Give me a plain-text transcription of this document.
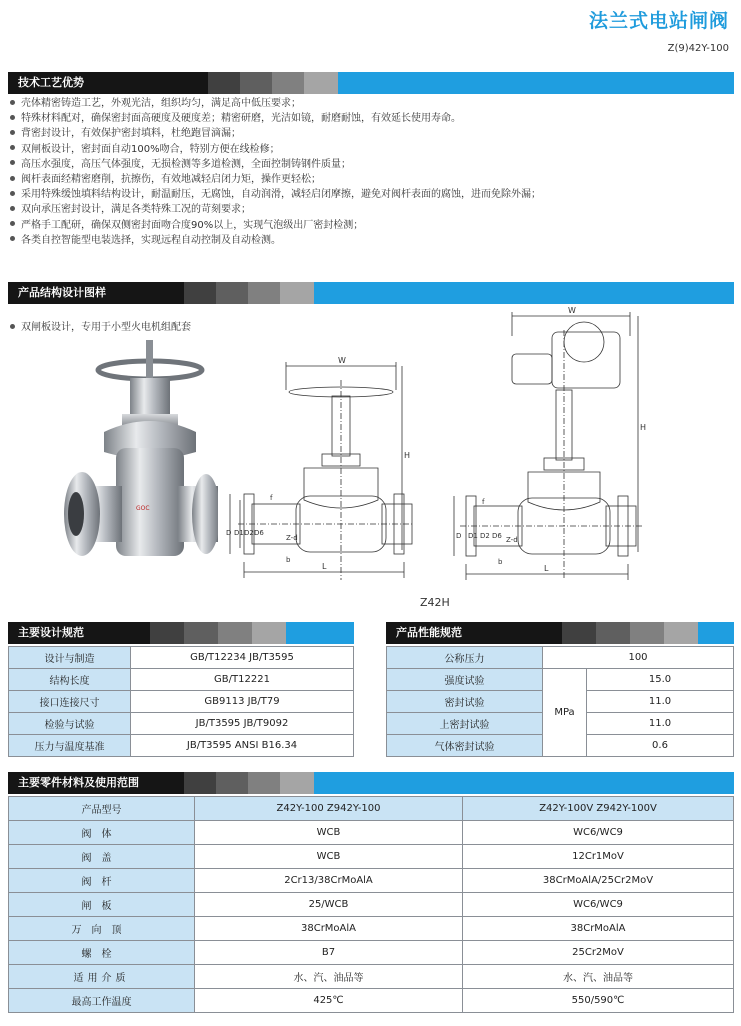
法兰式电站闸阀
Z(9)42Y-100
技术工艺优势
壳体精密铸造工艺，外观光洁，组织均匀，满足高中低压要求；
特殊材料配对，确保密封面高硬度及硬度差；精密研磨，光洁如镜，耐磨耐蚀，有效延长使用寿命。
背密封设计，有效保护密封填料，杜绝跑冒滴漏；
双闸板设计，密封面自动100%吻合，特别方便在线检修；
高压水强度，高压气体强度，无损检测等多道检测，全面控制铸钢件质量；
阀杆表面经精密磨削，抗擦伤，有效地减轻启闭力矩，操作更轻松；
采用特殊缓蚀填料结构设计，耐温耐压，无腐蚀，自动润滑，减轻启闭摩擦，避免对阀杆表面的腐蚀，进而免除外漏；
双向承压密封设计，满足各类特殊工况的苛刻要求；
严格手工配研，确保双侧密封面吻合度90%以上，实现气泡级出厂密封检测；
各类自控智能型电装选择，实现远程自动控制及自动检测。
产品结构设计图样
双闸板设计，专用于小型火电机组配套
GOC
W
H
L
D D1 D2 D6
Z-d
f
b
W
H
L
D D1 D2 D6 Z-d
f
b
Z42H
主要设计规范	产品性能规范
设计与制造	GB/T12234 JB/T3595
结构长度	GB/T12221
接口连接尺寸	GB9113 JB/T79
检验与试验	JB/T3595 JB/T9092
压力与温度基准	JB/T3595 ANSI B16.34
公称压力	100	
强度试验	MPa	15.0
密封试验		11.0
上密封试验		11.0
气体密封试验		0.6
主要零件材料及使用范围
产品型号	Z42Y-100 Z942Y-100	Z42Y-100V Z942Y-100V
阀体	WCB	WC6/WC9
阀盖	WCB	12Cr1MoV
阀杆	2Cr13/38CrMoAlA	38CrMoAlA/25Cr2MoV
闸板	25/WCB	WC6/WC9
万向顶	38CrMoAlA	38CrMoAlA
螺栓	B7	25Cr2MoV
适用介质	水、汽、油品等	水、汽、油品等
最高工作温度	425℃	550/590℃
